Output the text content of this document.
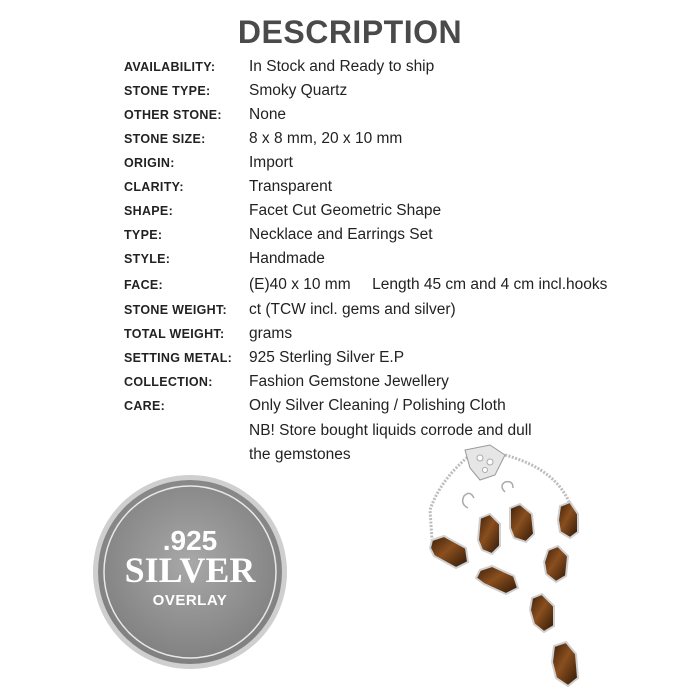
DESCRIPTION
AVAILABILITY:	In Stock and Ready to ship
STONE TYPE:	Smoky Quartz
OTHER STONE:	None
STONE SIZE:	8 x 8 mm, 20 x 10 mm
ORIGIN:	Import
CLARITY:	Transparent
SHAPE:	Facet Cut Geometric Shape
TYPE:	Necklace and Earrings Set
STYLE:	Handmade
FACE:	(E)40 x 10 mm     Length 45 cm and 4 cm incl.hooks
STONE WEIGHT:	ct (TCW incl. gems and silver)
TOTAL WEIGHT:	grams
SETTING METAL:	925 Sterling Silver E.P
COLLECTION:	Fashion Gemstone Jewellery
CARE:	Only Silver Cleaning / Polishing Cloth
NB! Store bought liquids corrode and dull
the gemstones
.925
SILVER
OVERLAY
